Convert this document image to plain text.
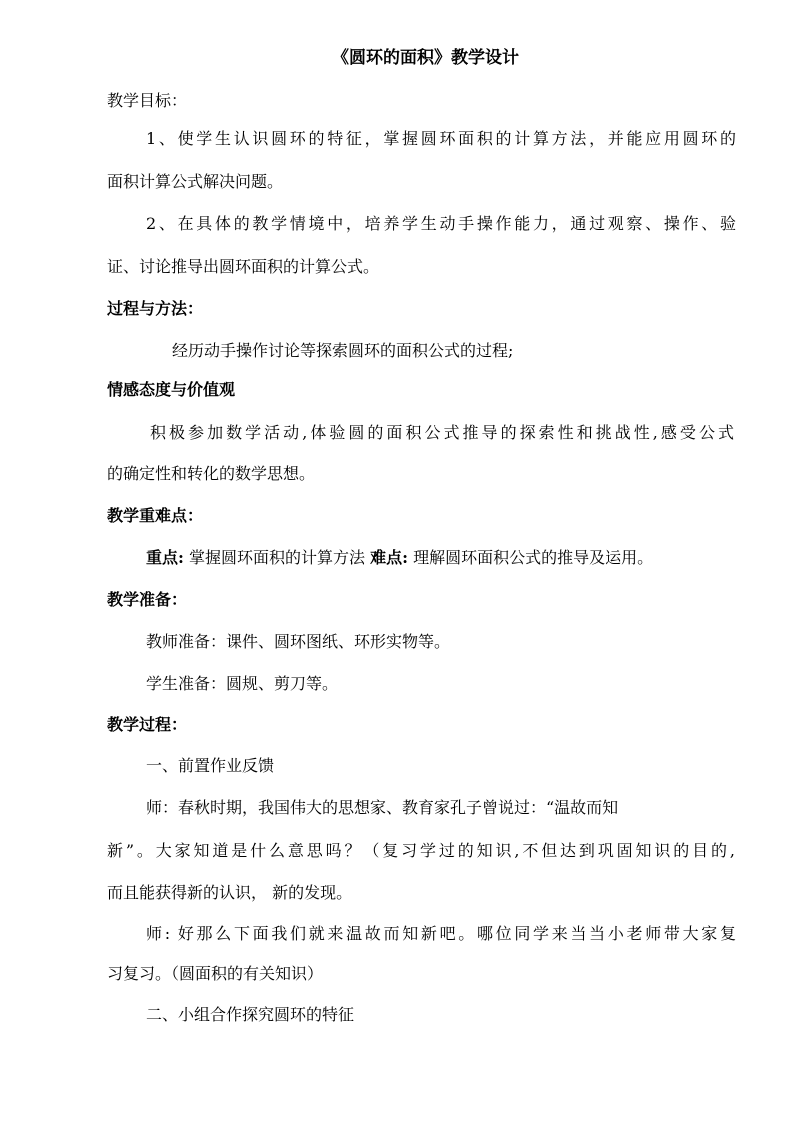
《圆环的面积》教学设计
教学目标：
1、使学生认识圆环的特征，掌握圆环面积的计算方法，并能应用圆环的
面积计算公式解决问题。
2、在具体的教学情境中，培养学生动手操作能力，通过观察、操作、验
证、讨论推导出圆环面积的计算公式。
过程与方法：
经历动手操作讨论等探索圆环的面积公式的过程;
情感态度与价值观
积极参加数学活动,体验圆的面积公式推导的探索性和挑战性,感受公式
的确定性和转化的数学思想。
教学重难点：
重点: 掌握圆环面积的计算方法 难点: 理解圆环面积公式的推导及运用。
教学准备：
教师准备：课件、圆环图纸、环形实物等。
学生准备：圆规、剪刀等。
教学过程：
一、前置作业反馈
师：春秋时期，我国伟大的思想家、教育家孔子曾说过：“温故而知
新”。大家知道是什么意思吗？（复习学过的知识,不但达到巩固知识的目的,
而且能获得新的认识， 新的发现。
师: 好那么下面我们就来温故而知新吧。哪位同学来当当小老师带大家复
习复习。（圆面积的有关知识）
二、小组合作探究圆环的特征
